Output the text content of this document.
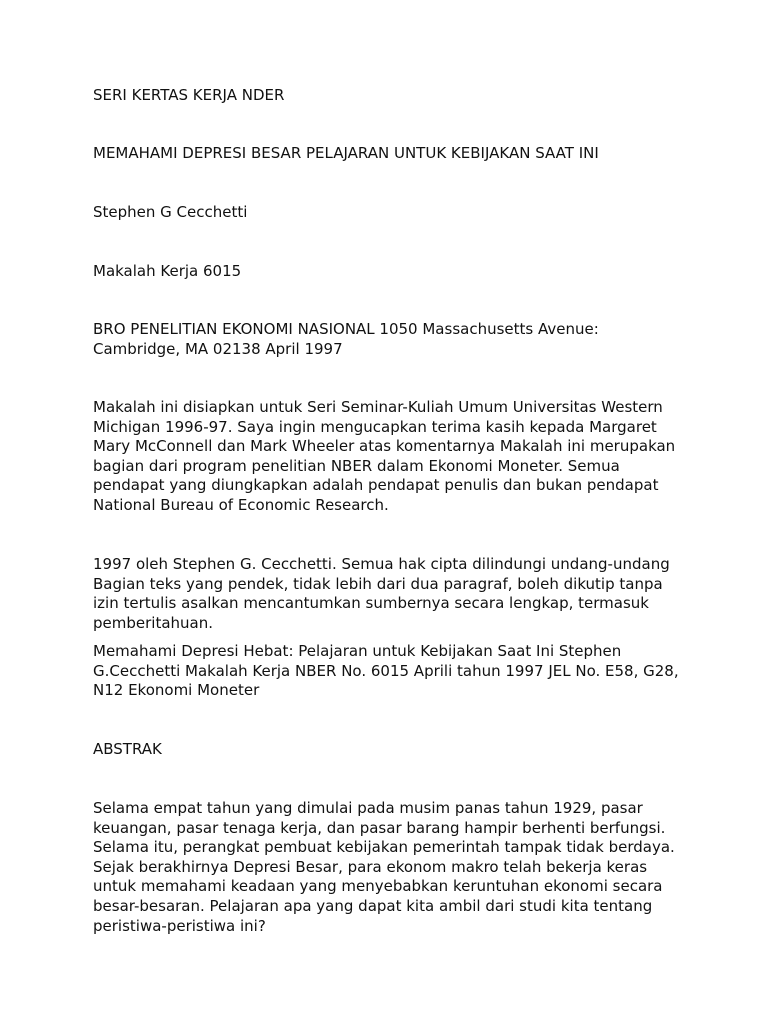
SERI KERTAS KERJA NDER

MEMAHAMI DEPRESI BESAR PELAJARAN UNTUK KEBIJAKAN SAAT INI

Stephen G Cecchetti

Makalah Kerja 6015

BRO PENELITIAN EKONOMI NASIONAL 1050 Massachusetts Avenue: Cambridge, MA 02138 April 1997

Makalah ini disiapkan untuk Seri Seminar-Kuliah Umum Universitas Western Michigan 1996-97. Saya ingin mengucapkan terima kasih kepada Margaret Mary McConnell dan Mark Wheeler atas komentarnya Makalah ini merupakan bagian dari program penelitian NBER dalam Ekonomi Moneter. Semua pendapat yang diungkapkan adalah pendapat penulis dan bukan pendapat National Bureau of Economic Research.

1997 oleh Stephen G. Cecchetti. Semua hak cipta dilindungi undang-undang Bagian teks yang pendek, tidak lebih dari dua paragraf, boleh dikutip tanpa izin tertulis asalkan mencantumkan sumbernya secara lengkap, termasuk pemberitahuan.

Memahami Depresi Hebat: Pelajaran untuk Kebijakan Saat Ini Stephen G.Cecchetti Makalah Kerja NBER No. 6015 Aprili tahun 1997 JEL No. E58, G28, N12 Ekonomi Moneter

ABSTRAK

Selama empat tahun yang dimulai pada musim panas tahun 1929, pasar keuangan, pasar tenaga kerja, dan pasar barang hampir berhenti berfungsi. Selama itu, perangkat pembuat kebijakan pemerintah tampak tidak berdaya. Sejak berakhirnya Depresi Besar, para ekonom makro telah bekerja keras untuk memahami keadaan yang menyebabkan keruntuhan ekonomi secara besar-besaran. Pelajaran apa yang dapat kita ambil dari studi kita tentang peristiwa-peristiwa ini?
